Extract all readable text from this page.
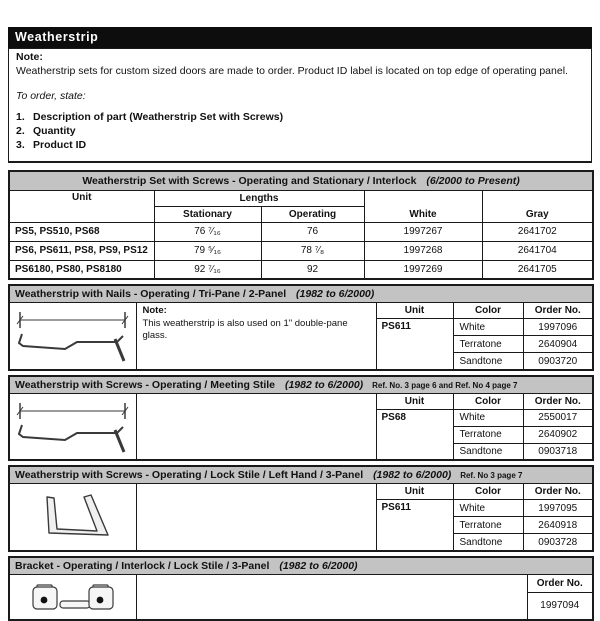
Weatherstrip
Note:
Weatherstrip sets for custom sized doors are made to order. Product ID label is located on top edge of operating panel.
To order, state:
1. Description of part (Weatherstrip Set with Screws)
2. Quantity
3. Product ID
Weatherstrip Set with Screws - Operating and Stationary / Interlock (6/2000 to Present)				
Unit	Lengths		White	Gray
	Stationary	Operating		
PS5, PS510, PS68	76 ⁷⁄₁₆	76	1997267	2641702
PS6, PS611, PS8, PS9, PS12	79 ⁵⁄₁₆	78 ⁷⁄₈	1997268	2641704
PS6180, PS80, PS8180	92 ⁷⁄₁₆	92	1997269	2641705
Weatherstrip with Nails - Operating / Tri-Pane / 2-Panel (1982 to 6/2000)				

	Note:
This weatherstrip is also used on 1" double-pane glass.	Unit	Color	Order No.
		PS611	White	1997096
			Terratone	2640904
			Sandtone	0903720
Weatherstrip with Screws - Operating / Meeting Stile (1982 to 6/2000) Ref. No. 3 page 6 and Ref. No 4 page 7				

		Unit	Color	Order No.
		PS68	White	2550017
			Terratone	2640902
			Sandtone	0903718
Weatherstrip with Screws - Operating / Lock Stile / Left Hand / 3-Panel (1982 to 6/2000) Ref. No 3 page 7				

		Unit	Color	Order No.
		PS611	White	1997095
			Terratone	2640918
			Sandtone	0903728
Bracket - Operating / Interlock / Lock Stile / 3-Panel (1982 to 6/2000)

		Order No.
1997094
